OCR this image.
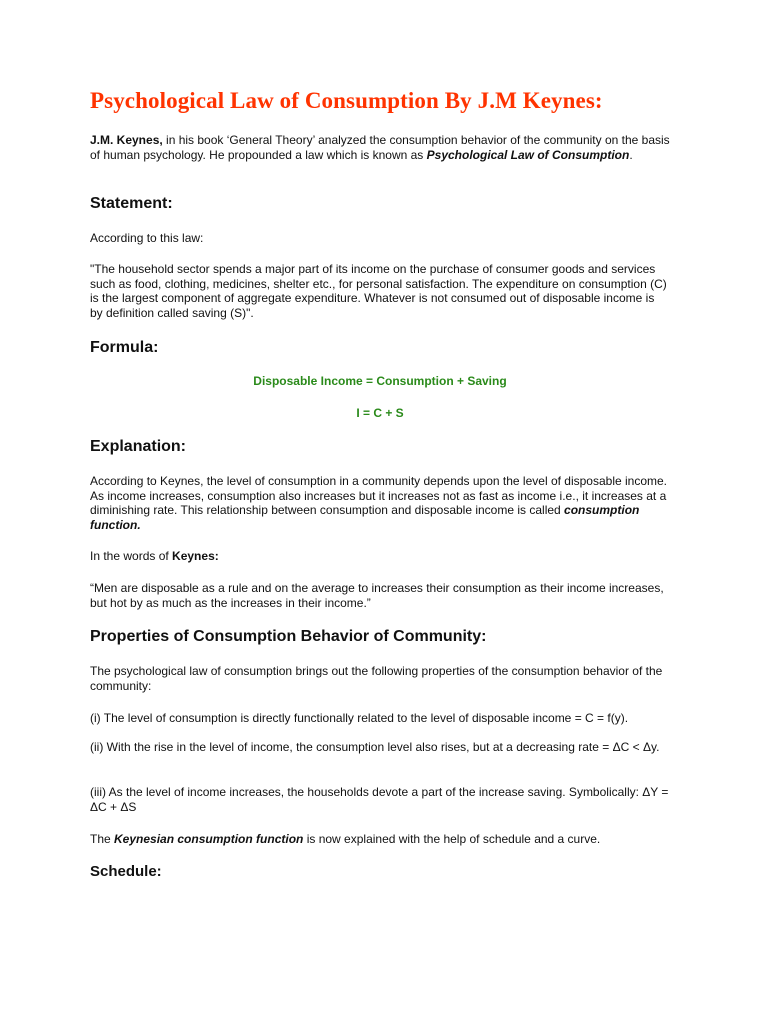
Psychological Law of Consumption By J.M Keynes:

J.M. Keynes, in his book ‘General Theory’ analyzed the consumption behavior of the community on the basis of human psychology. He propounded a law which is known as Psychological Law of Consumption.

Statement:

According to this law:

"The household sector spends a major part of its income on the purchase of consumer goods and services such as food, clothing, medicines, shelter etc., for personal satisfaction. The expenditure on consumption (C) is the largest component of aggregate expenditure. Whatever is not consumed out of disposable income is by definition called saving (S)".

Formula:

Disposable Income = Consumption + Saving

I = C + S

Explanation:

According to Keynes, the level of consumption in a community depends upon the level of disposable income. As income increases, consumption also increases but it increases not as fast as income i.e., it increases at a diminishing rate. This relationship between consumption and disposable income is called consumption function.

In the words of Keynes:

“Men are disposable as a rule and on the average to increases their consumption as their income increases, but hot by as much as the increases in their income.”

Properties of Consumption Behavior of Community:

The psychological law of consumption brings out the following properties of the consumption behavior of the community:

(i) The level of consumption is directly functionally related to the level of disposable income = C = f(y).

(ii) With the rise in the level of income, the consumption level also rises, but at a decreasing rate = ΔC < Δy.

(iii) As the level of income increases, the households devote a part of the increase saving. Symbolically: ΔY = ΔC + ΔS

The Keynesian consumption function is now explained with the help of schedule and a curve.

Schedule:
